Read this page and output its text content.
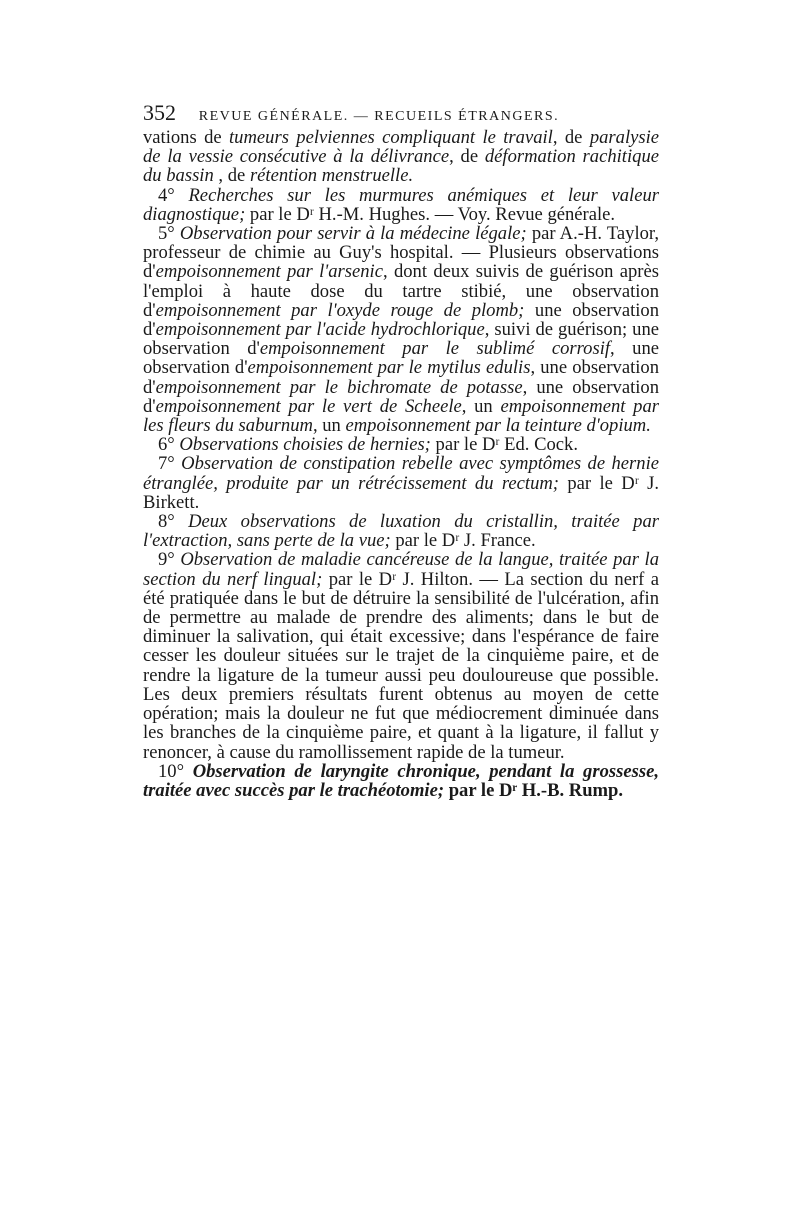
352 REVUE GÉNÉRALE. — RECUEILS ÉTRANGERS.

vations de tumeurs pelviennes compliquant le travail, de paralysie de la vessie consécutive à la délivrance, de déformation rachitique du bassin , de rétention menstruelle.

4° Recherches sur les murmures anémiques et leur valeur diagnostique; par le Dʳ H.-M. Hughes. — Voy. Revue générale.

5° Observation pour servir à la médecine légale; par A.-H. Taylor, professeur de chimie au Guy's hospital. — Plusieurs observations d'empoisonnement par l'arsenic, dont deux suivis de guérison après l'emploi à haute dose du tartre stibié, une observation d'empoisonnement par l'oxyde rouge de plomb; une observation d'empoisonnement par l'acide hydrochlorique, suivi de guérison; une observation d'empoisonnement par le sublimé corrosif, une observation d'empoisonnement par le mytilus edulis, une observation d'empoisonnement par le bichromate de potasse, une observation d'empoisonnement par le vert de Scheele, un empoisonnement par les fleurs du saburnum, un empoisonnement par la teinture d'opium.

6° Observations choisies de hernies; par le Dʳ Ed. Cock.

7° Observation de constipation rebelle avec symptômes de hernie étranglée, produite par un rétrécissement du rectum; par le Dʳ J. Birkett.

8° Deux observations de luxation du cristallin, traitée par l'extraction, sans perte de la vue; par le Dʳ J. France.

9° Observation de maladie cancéreuse de la langue, traitée par la section du nerf lingual; par le Dʳ J. Hilton. — La section du nerf a été pratiquée dans le but de détruire la sensibilité de l'ulcération, afin de permettre au malade de prendre des aliments; dans le but de diminuer la salivation, qui était excessive; dans l'espérance de faire cesser les douleur situées sur le trajet de la cinquième paire, et de rendre la ligature de la tumeur aussi peu douloureuse que possible. Les deux premiers résultats furent obtenus au moyen de cette opération; mais la douleur ne fut que médiocrement diminuée dans les branches de la cinquième paire, et quant à la ligature, il fallut y renoncer, à cause du ramollissement rapide de la tumeur.

10° Observation de laryngite chronique, pendant la grossesse, traitée avec succès par le trachéotomie; par le Dʳ H.-B. Rump.
